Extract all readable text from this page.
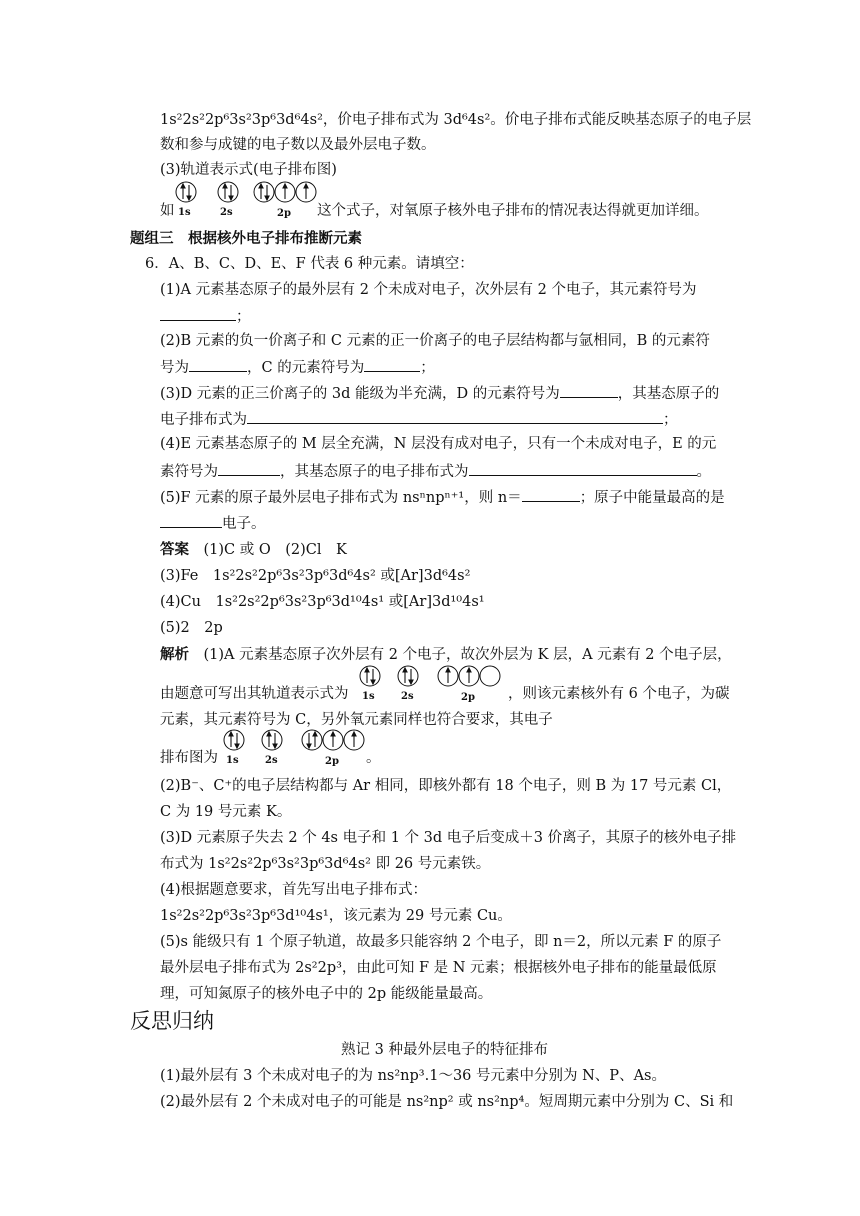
1s²2s²2p⁶3s²3p⁶3d⁶4s²，价电子排布式为 3d⁶4s²。价电子排布式能反映基态原子的电子层
数和参与成键的电子数以及最外层电子数。
(3)轨道表示式(电子排布图)
如 1s	2s	2p 这个式子，对氧原子核外电子排布的情况表达得就更加详细。
题组三　根据核外电子排布推断元素
6．A、B、C、D、E、F 代表 6 种元素。请填空：
(1)A 元素基态原子的最外层有 2 个未成对电子，次外层有 2 个电子，其元素符号为
；
(2)B 元素的负一价离子和 C 元素的正一价离子的电子层结构都与氩相同，B 的元素符
号为	，C 的元素符号为	；
(3)D 元素的正三价离子的 3d 能级为半充满，D 的元素符号为	，其基态原子的
电子排布式为	；
(4)E 元素基态原子的 M 层全充满，N 层没有成对电子，只有一个未成对电子，E 的元
素符号为	，其基态原子的电子排布式为	。
(5)F 元素的原子最外层电子排布式为 nsⁿnpⁿ⁺¹，则 n＝	；原子中能量最高的是
电子。
答案　 (1)C 或 O　(2)Cl　K
(3)Fe　1s²2s²2p⁶3s²3p⁶3d⁶4s² 或[Ar]3d⁶4s²
(4)Cu　1s²2s²2p⁶3s²3p⁶3d¹⁰4s¹ 或[Ar]3d¹⁰4s¹
(5)2　2p
解析　 (1)A 元素基态原子次外层有 2 个电子，故次外层为 K 层，A 元素有 2 个电子层，
由题意可写出其轨道表示式为 1s	2s	2p ，则该元素核外有 6 个电子，为碳
元素，其元素符号为 C，另外氧元素同样也符合要求，其电子
排布图为 1s	2s	2p 。
(2)B⁻、C⁺的电子层结构都与 Ar 相同，即核外都有 18 个电子，则 B 为 17 号元素 Cl，
C 为 19 号元素 K。
(3)D 元素原子失去 2 个 4s 电子和 1 个 3d 电子后变成＋3 价离子，其原子的核外电子排
布式为 1s²2s²2p⁶3s²3p⁶3d⁶4s² 即 26 号元素铁。
(4)根据题意要求，首先写出电子排布式：
1s²2s²2p⁶3s²3p⁶3d¹⁰4s¹，该元素为 29 号元素 Cu。
(5)s 能级只有 1 个原子轨道，故最多只能容纳 2 个电子，即 n＝2，所以元素 F 的原子
最外层电子排布式为 2s²2p³，由此可知 F 是 N 元素；根据核外电子排布的能量最低原
理，可知氮原子的核外电子中的 2p 能级能量最高。
反思归纳
熟记 3 种最外层电子的特征排布
(1)最外层有 3 个未成对电子的为 ns²np³.1～36 号元素中分别为 N、P、As。
(2)最外层有 2 个未成对电子的可能是 ns²np² 或 ns²np⁴。短周期元素中分别为 C、Si 和
